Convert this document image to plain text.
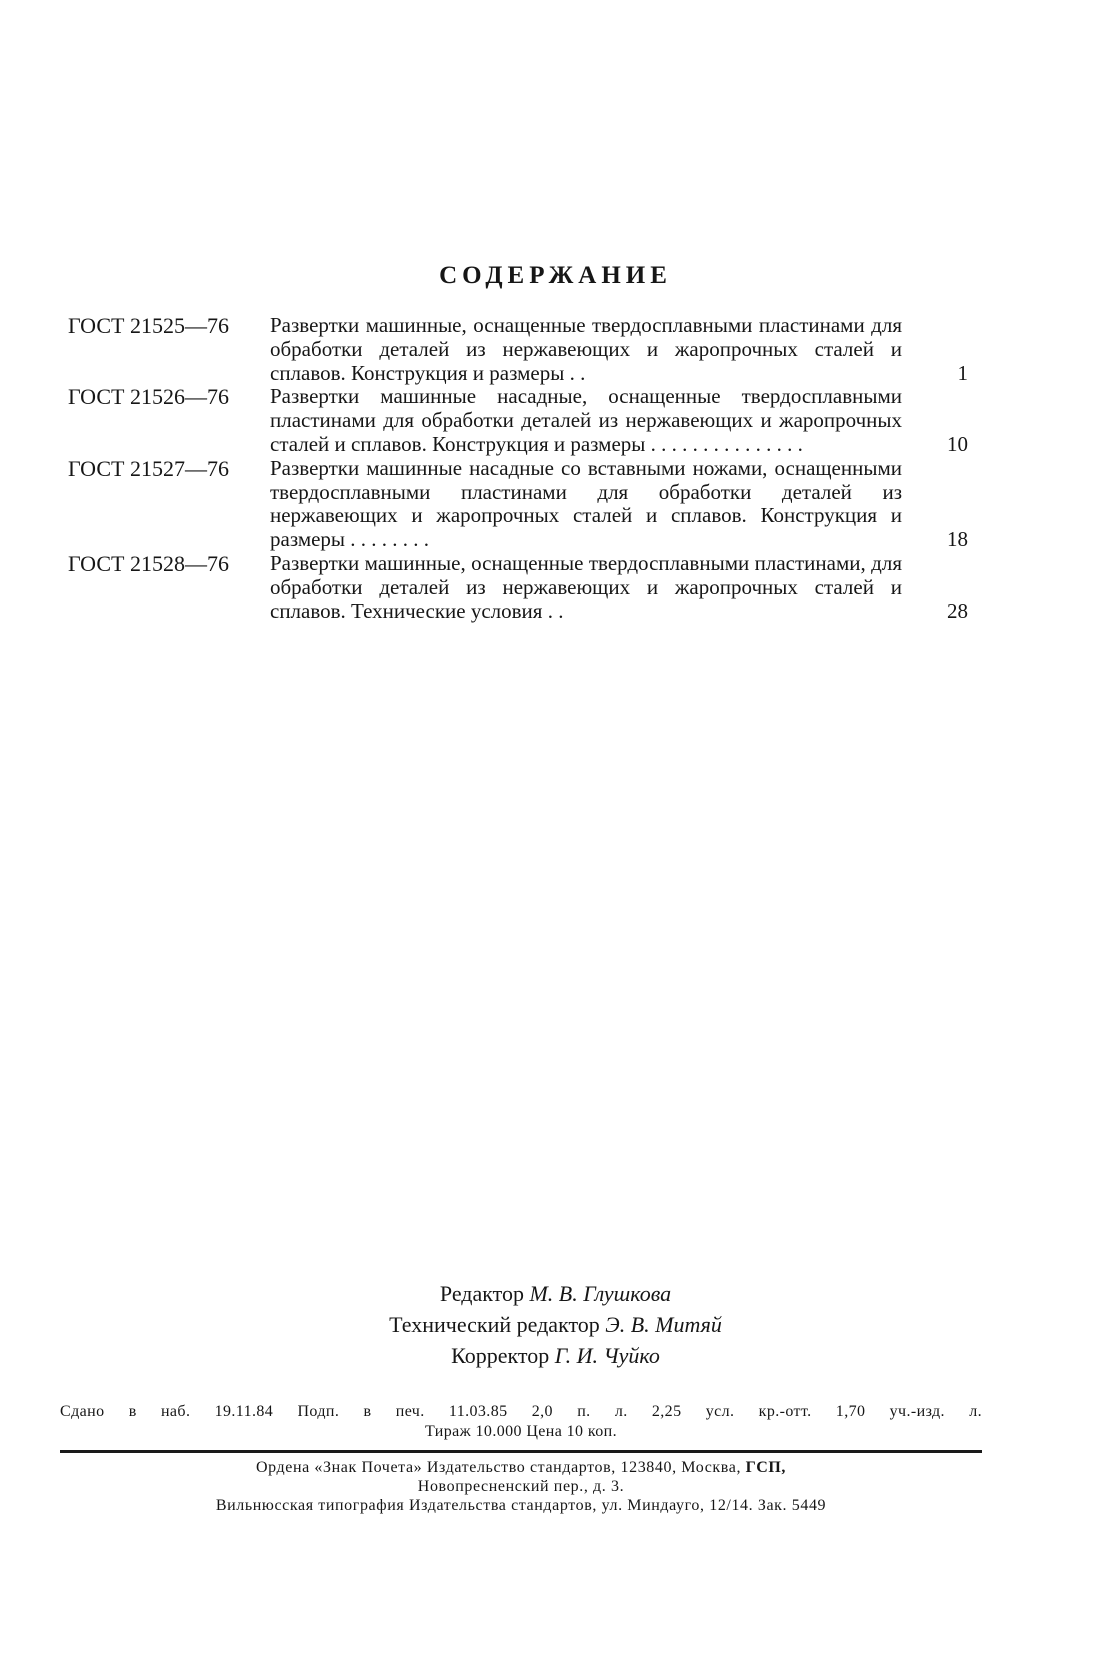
СОДЕРЖАНИЕ
ГОСТ 21525—76	Развертки машинные, оснащенные твердосплавными пластинами для обработки деталей из нержавеющих и жаропрочных сталей и сплавов. Конструкция и размеры . .	1
ГОСТ 21526—76	Развертки машинные насадные, оснащенные твердосплавными пластинами для обработки деталей из нержавеющих и жаропрочных сталей и сплавов. Конструкция и размеры . . . . . . . . . . . . . . .	10
ГОСТ 21527—76	Развертки машинные насадные со вставными ножами, оснащенными твердосплавными пластинами для обработки деталей из нержавеющих и жаропрочных сталей и сплавов. Конструкция и размеры . . . . . . . .	18
ГОСТ 21528—76	Развертки машинные, оснащенные твердосплавными пластинами, для обработки деталей из нержавеющих и жаропрочных сталей и сплавов. Технические условия . .	28
Редактор М. В. Глушкова
Технический редактор Э. В. Митяй
Корректор Г. И. Чуйко
Сдано в наб. 19.11.84 Подп. в печ. 11.03.85 2,0 п. л. 2,25 усл. кр.-отт. 1,70 уч.-изд. л.
Тираж 10.000 Цена 10 коп.
Ордена «Знак Почета» Издательство стандартов, 123840, Москва, ГСП,
Новопресненский пер., д. 3.
Вильнюсская типография Издательства стандартов, ул. Миндауго, 12/14. Зак. 5449
